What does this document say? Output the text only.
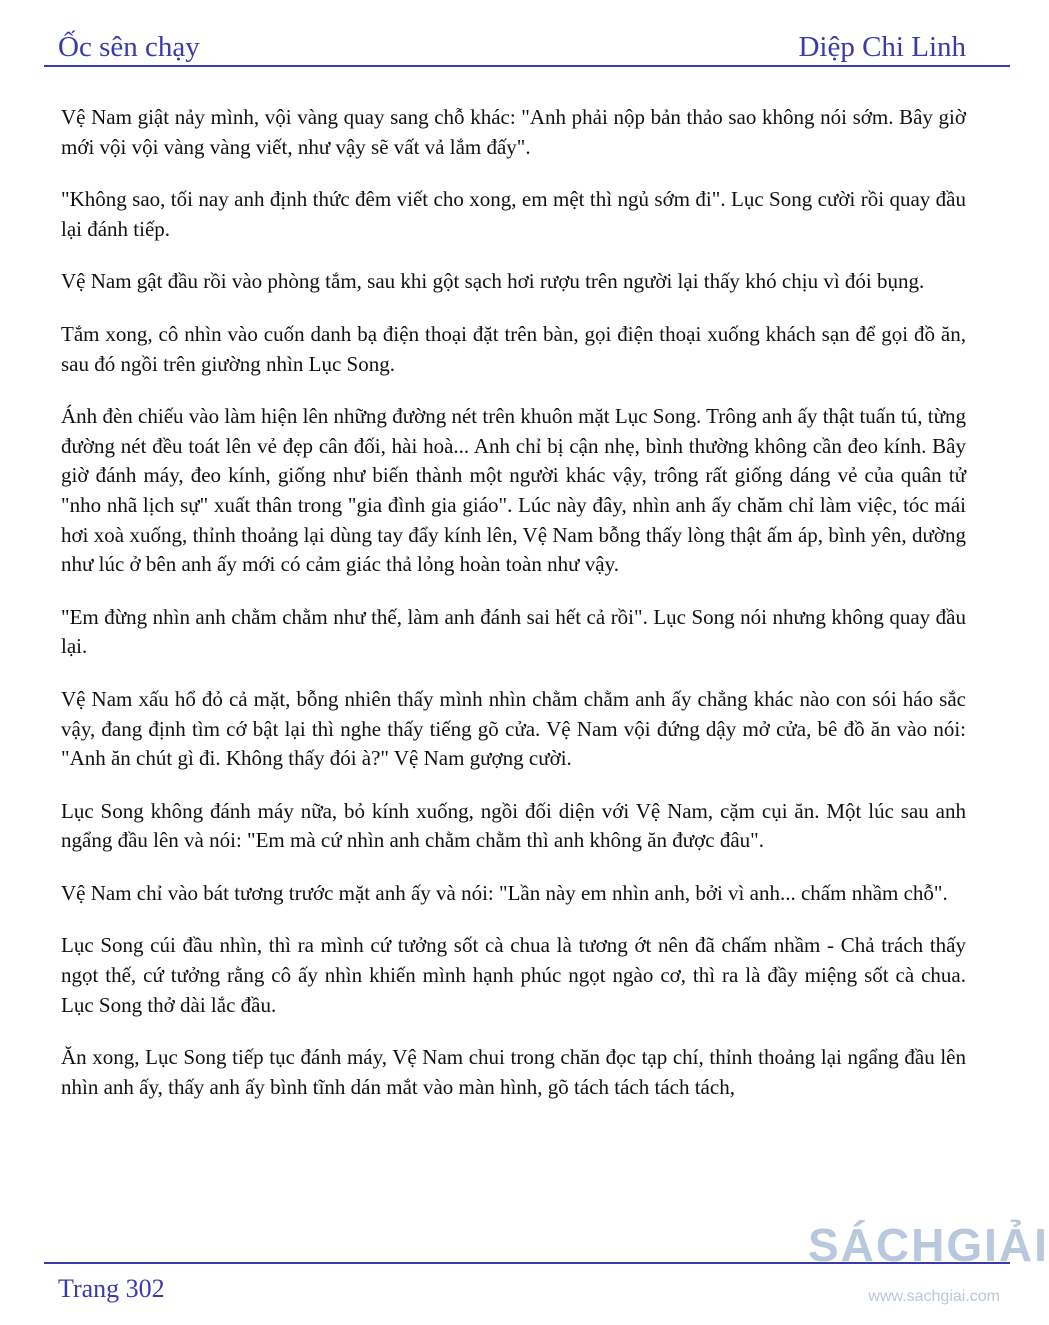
Ốc sên chạy	Diệp Chi Linh

Vệ Nam giật nảy mình, vội vàng quay sang chỗ khác: "Anh phải nộp bản thảo sao không nói sớm. Bây giờ mới vội vội vàng vàng viết, như vậy sẽ vất vả lắm đấy".

"Không sao, tối nay anh định thức đêm viết cho xong, em mệt thì ngủ sớm đi". Lục Song cười rồi quay đầu lại đánh tiếp.

Vệ Nam gật đầu rồi vào phòng tắm, sau khi gột sạch hơi rượu trên người lại thấy khó chịu vì đói bụng.

Tắm xong, cô nhìn vào cuốn danh bạ điện thoại đặt trên bàn, gọi điện thoại xuống khách sạn để gọi đồ ăn, sau đó ngồi trên giường nhìn Lục Song.

Ánh đèn chiếu vào làm hiện lên những đường nét trên khuôn mặt Lục Song. Trông anh ấy thật tuấn tú, từng đường nét đều toát lên vẻ đẹp cân đối, hài hoà... Anh chỉ bị cận nhẹ, bình thường không cần đeo kính. Bây giờ đánh máy, đeo kính, giống như biến thành một người khác vậy, trông rất giống dáng vẻ của quân tử "nho nhã lịch sự" xuất thân trong "gia đình gia giáo". Lúc này đây, nhìn anh ấy chăm chỉ làm việc, tóc mái hơi xoà xuống, thỉnh thoảng lại dùng tay đẩy kính lên, Vệ Nam bỗng thấy lòng thật ấm áp, bình yên, dường như lúc ở bên anh ấy mới có cảm giác thả lỏng hoàn toàn như vậy.

"Em đừng nhìn anh chằm chằm như thế, làm anh đánh sai hết cả rồi". Lục Song nói nhưng không quay đầu lại.

Vệ Nam xấu hổ đỏ cả mặt, bỗng nhiên thấy mình nhìn chằm chằm anh ấy chẳng khác nào con sói háo sắc vậy, đang định tìm cớ bật lại thì nghe thấy tiếng gõ cửa. Vệ Nam vội đứng dậy mở cửa, bê đồ ăn vào nói: "Anh ăn chút gì đi. Không thấy đói à?" Vệ Nam gượng cười.

Lục Song không đánh máy nữa, bỏ kính xuống, ngồi đối diện với Vệ Nam, cặm cụi ăn. Một lúc sau anh ngẩng đầu lên và nói: "Em mà cứ nhìn anh chằm chằm thì anh không ăn được đâu".

Vệ Nam chỉ vào bát tương trước mặt anh ấy và nói: "Lần này em nhìn anh, bởi vì anh... chấm nhầm chỗ".

Lục Song cúi đầu nhìn, thì ra mình cứ tưởng sốt cà chua là tương ớt nên đã chấm nhầm - Chả trách thấy ngọt thế, cứ tưởng rằng cô ấy nhìn khiến mình hạnh phúc ngọt ngào cơ, thì ra là đầy miệng sốt cà chua. Lục Song thở dài lắc đầu.

Ăn xong, Lục Song tiếp tục đánh máy, Vệ Nam chui trong chăn đọc tạp chí, thỉnh thoảng lại ngẩng đầu lên nhìn anh ấy, thấy anh ấy bình tĩnh dán mắt vào màn hình, gõ tách tách tách tách,

Trang 302
SÁCHGIẢI
www.sachgiai.com
